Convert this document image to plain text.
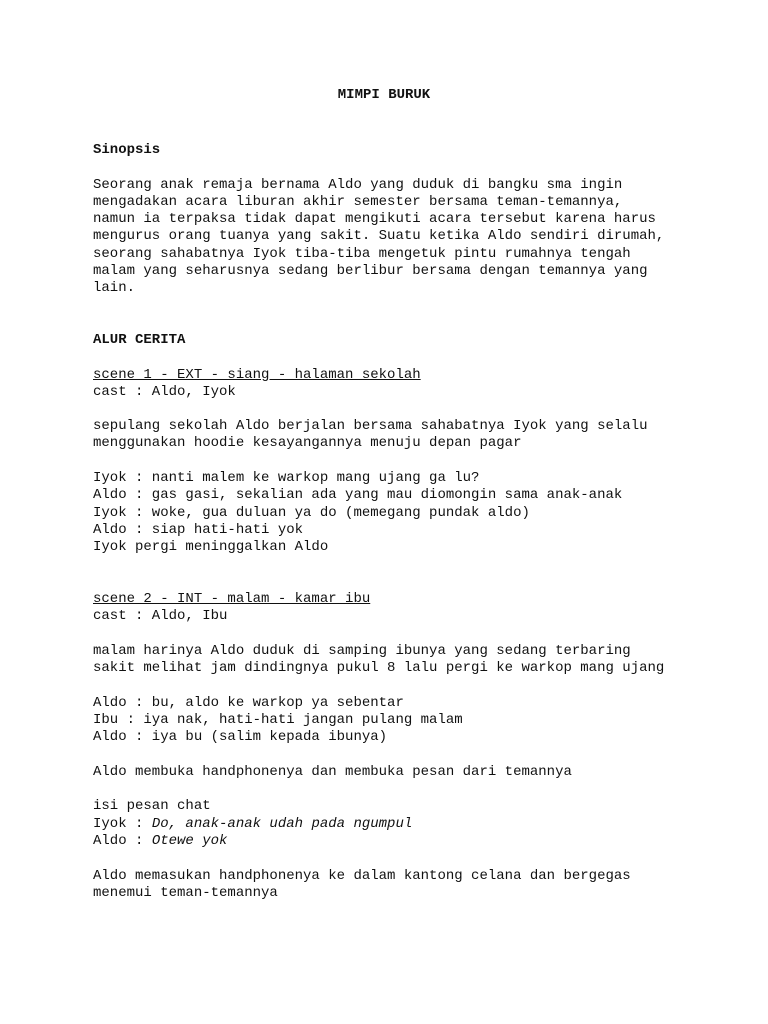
MIMPI BURUK
Sinopsis
Seorang anak remaja bernama Aldo yang duduk di bangku sma ingin
mengadakan acara liburan akhir semester bersama teman-temannya,
namun ia terpaksa tidak dapat mengikuti acara tersebut karena harus
mengurus orang tuanya yang sakit. Suatu ketika Aldo sendiri dirumah,
seorang sahabatnya Iyok tiba-tiba mengetuk pintu rumahnya tengah
malam yang seharusnya sedang berlibur bersama dengan temannya yang
lain.
ALUR CERITA
scene 1 - EXT - siang - halaman sekolah
cast : Aldo, Iyok
sepulang sekolah Aldo berjalan bersama sahabatnya Iyok yang selalu
menggunakan hoodie kesayangannya menuju depan pagar
Iyok : nanti malem ke warkop mang ujang ga lu?
Aldo : gas gasi, sekalian ada yang mau diomongin sama anak-anak
Iyok : woke, gua duluan ya do (memegang pundak aldo)
Aldo : siap hati-hati yok
Iyok pergi meninggalkan Aldo
scene 2 - INT - malam - kamar ibu
cast : Aldo, Ibu
malam harinya Aldo duduk di samping ibunya yang sedang terbaring
sakit melihat jam dindingnya pukul 8 lalu pergi ke warkop mang ujang
Aldo : bu, aldo ke warkop ya sebentar
Ibu : iya nak, hati-hati jangan pulang malam
Aldo : iya bu (salim kepada ibunya)
Aldo membuka handphonenya dan membuka pesan dari temannya
isi pesan chat
Iyok : Do, anak-anak udah pada ngumpul
Aldo : Otewe yok
Aldo memasukan handphonenya ke dalam kantong celana dan bergegas
menemui teman-temannya
